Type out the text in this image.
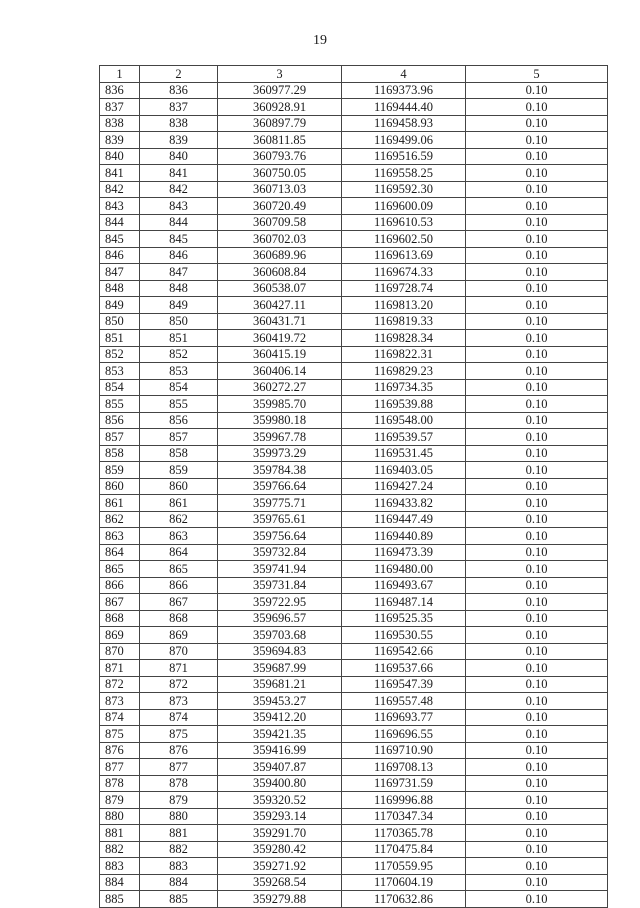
19
1	2	3	4	5
836	836	360977.29	1169373.96	0.10
837	837	360928.91	1169444.40	0.10
838	838	360897.79	1169458.93	0.10
839	839	360811.85	1169499.06	0.10
840	840	360793.76	1169516.59	0.10
841	841	360750.05	1169558.25	0.10
842	842	360713.03	1169592.30	0.10
843	843	360720.49	1169600.09	0.10
844	844	360709.58	1169610.53	0.10
845	845	360702.03	1169602.50	0.10
846	846	360689.96	1169613.69	0.10
847	847	360608.84	1169674.33	0.10
848	848	360538.07	1169728.74	0.10
849	849	360427.11	1169813.20	0.10
850	850	360431.71	1169819.33	0.10
851	851	360419.72	1169828.34	0.10
852	852	360415.19	1169822.31	0.10
853	853	360406.14	1169829.23	0.10
854	854	360272.27	1169734.35	0.10
855	855	359985.70	1169539.88	0.10
856	856	359980.18	1169548.00	0.10
857	857	359967.78	1169539.57	0.10
858	858	359973.29	1169531.45	0.10
859	859	359784.38	1169403.05	0.10
860	860	359766.64	1169427.24	0.10
861	861	359775.71	1169433.82	0.10
862	862	359765.61	1169447.49	0.10
863	863	359756.64	1169440.89	0.10
864	864	359732.84	1169473.39	0.10
865	865	359741.94	1169480.00	0.10
866	866	359731.84	1169493.67	0.10
867	867	359722.95	1169487.14	0.10
868	868	359696.57	1169525.35	0.10
869	869	359703.68	1169530.55	0.10
870	870	359694.83	1169542.66	0.10
871	871	359687.99	1169537.66	0.10
872	872	359681.21	1169547.39	0.10
873	873	359453.27	1169557.48	0.10
874	874	359412.20	1169693.77	0.10
875	875	359421.35	1169696.55	0.10
876	876	359416.99	1169710.90	0.10
877	877	359407.87	1169708.13	0.10
878	878	359400.80	1169731.59	0.10
879	879	359320.52	1169996.88	0.10
880	880	359293.14	1170347.34	0.10
881	881	359291.70	1170365.78	0.10
882	882	359280.42	1170475.84	0.10
883	883	359271.92	1170559.95	0.10
884	884	359268.54	1170604.19	0.10
885	885	359279.88	1170632.86	0.10
